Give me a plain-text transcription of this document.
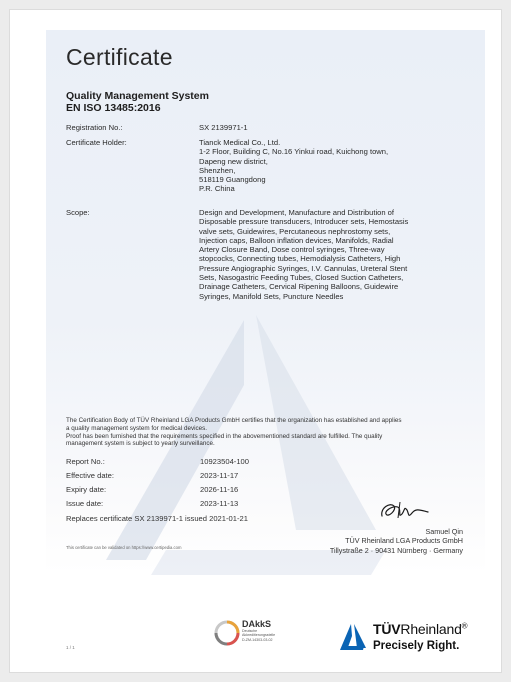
Certificate
Quality Management System
EN ISO 13485:2016
Registration No.:	SX 2139971-1
Certificate Holder:	Tianck Medical Co., Ltd.
1-2 Floor, Building C, No.16 Yinkui road, Kuichong town,
Dapeng new district,
Shenzhen,
518119 Guangdong
P.R. China
Scope:	Design and Development, Manufacture and Distribution of
Disposable pressure transducers, Introducer sets, Hemostasis
valve sets, Guidewires, Percutaneous nephrostomy sets,
Injection caps, Balloon inflation devices, Manifolds, Radial
Artery Closure Band, Dose control syringes, Three-way
stopcocks, Connecting tubes, Hemodialysis Catheters, High
Pressure Angiographic Syringes, I.V. Cannulas, Ureteral Stent
Sets, Nasogastric Feeding Tubes, Closed Suction Catheters,
Drainage Catheters, Cervical Ripening Balloons, Guidewire
Syringes, Manifold Sets, Puncture Needles
The Certification Body of TÜV Rheinland LGA Products GmbH certifies that the organization has established and applies
a quality management system for medical devices.
Proof has been furnished that the requirements specified in the abovementioned standard are fulfilled. The quality
management system is subject to yearly surveillance.
Report No.:	10923504-100
Effective date:	2023-11-17
Expiry date:	2026-11-16
Issue date:	2023-11-13
Replaces certificate SX 2139971-1 issued 2021-01-21
This certificate can be validated on https://www.certipedia.com
Samuel Qin
TÜV Rheinland LGA Products GmbH
Tillystraße 2 · 90431 Nürnberg · Germany
1 / 1
DAkkS
Deutsche
Akkreditierungsstelle
D-ZM-14303-03-02
TÜVRheinland®
Precisely Right.
